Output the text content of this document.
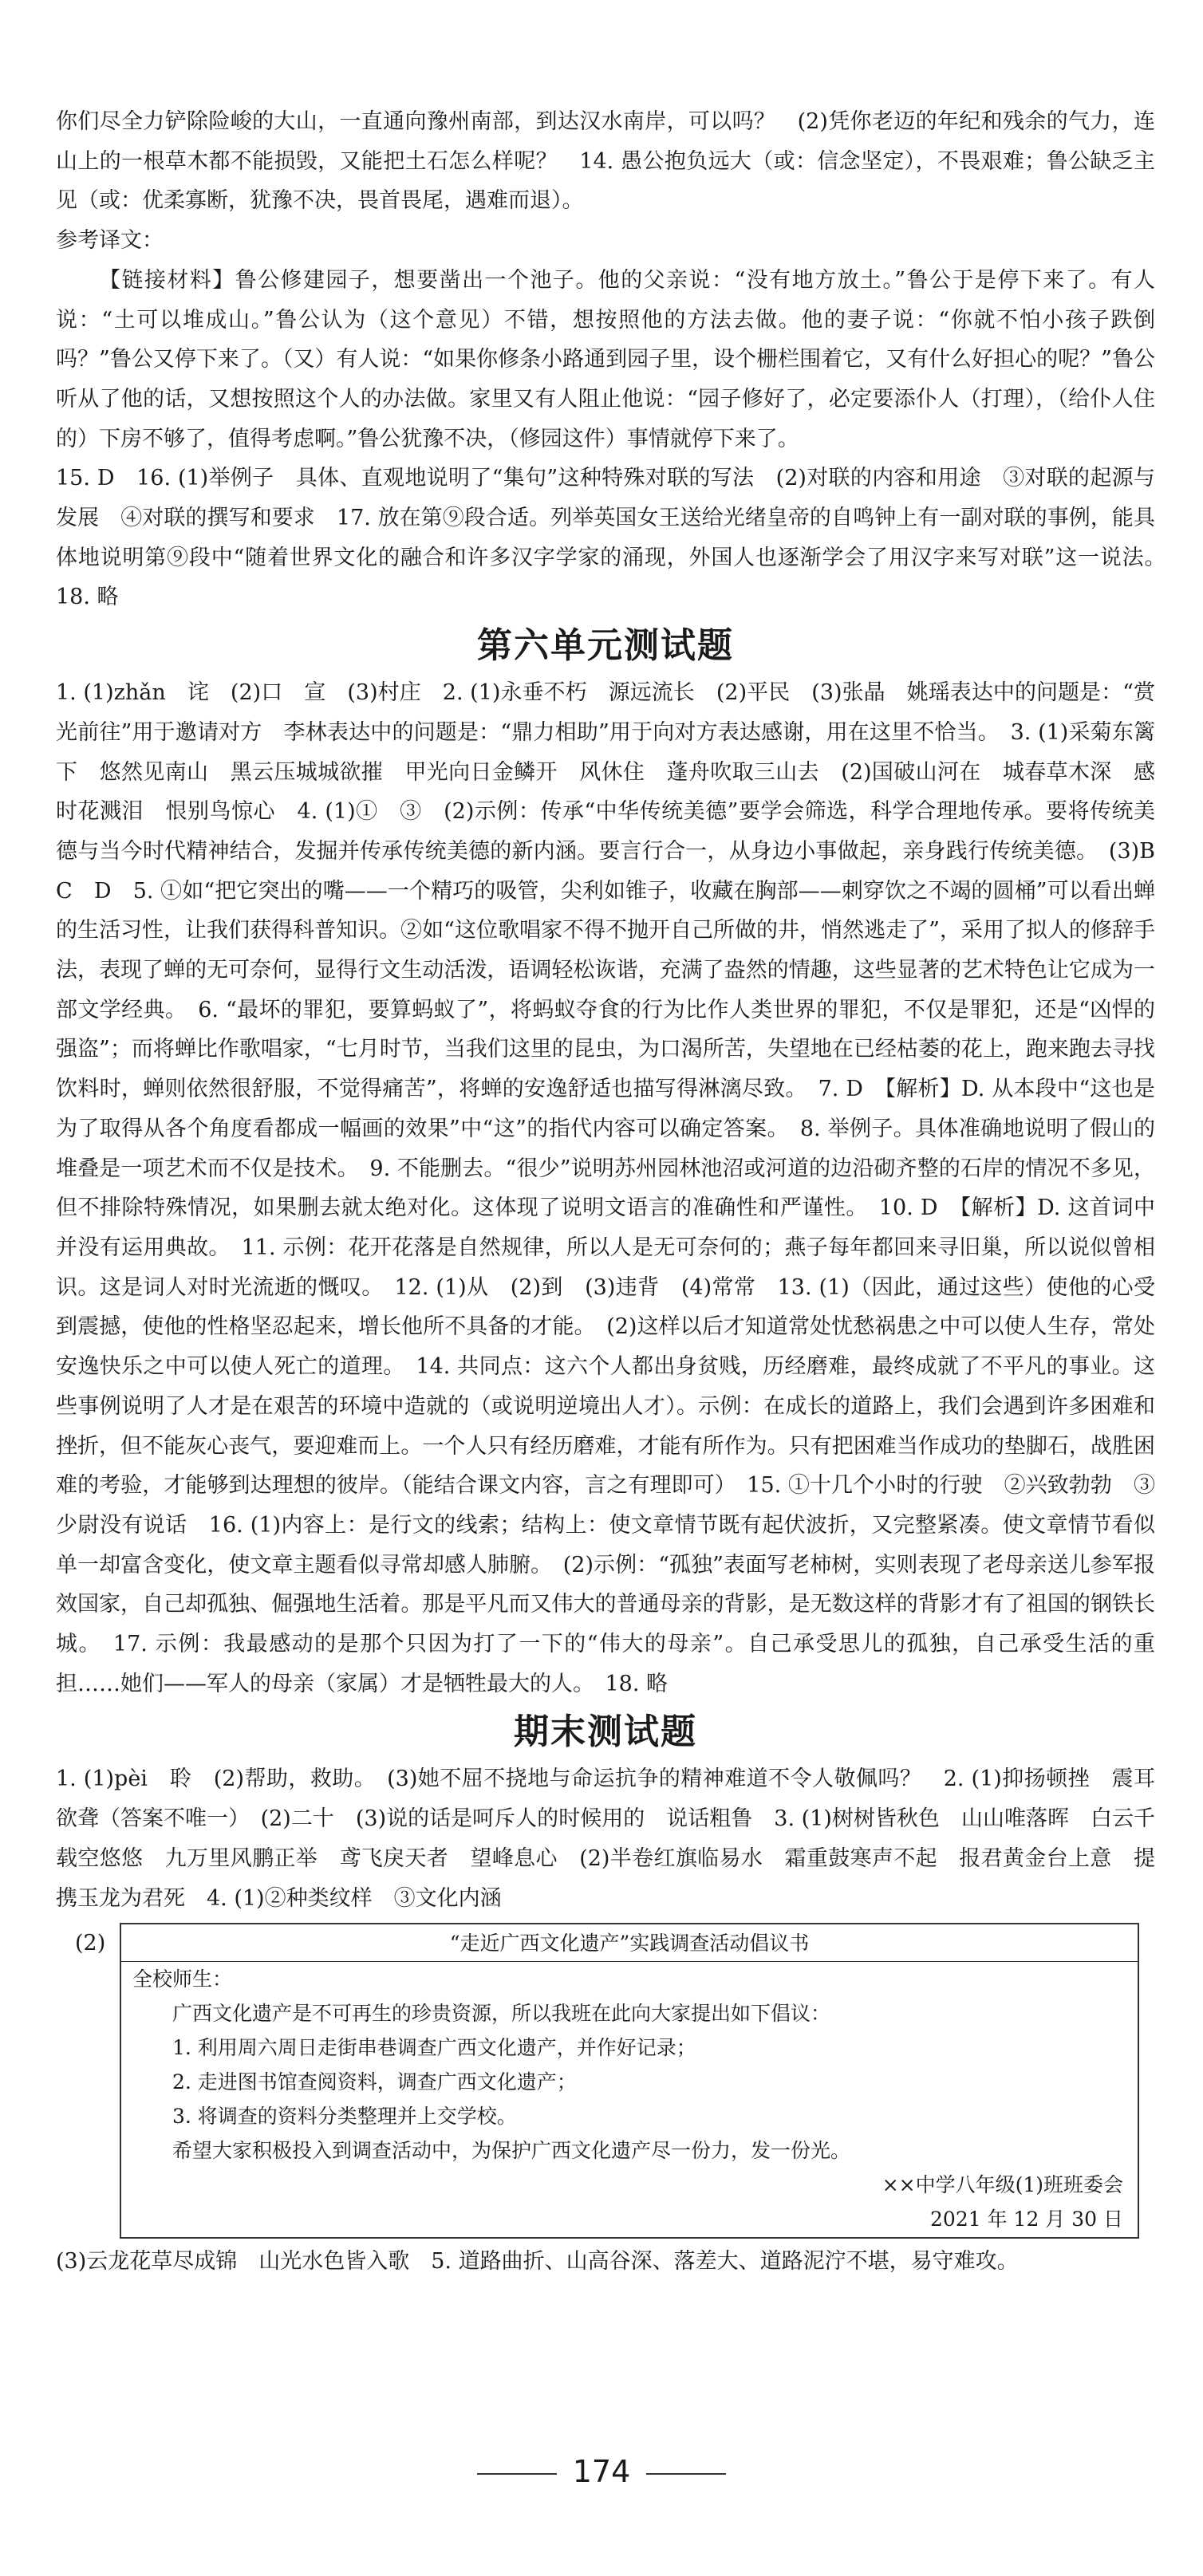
你们尽全力铲除险峻的大山，一直通向豫州南部，到达汉水南岸，可以吗？　(2)凭你老迈的年纪和残余的气力，连山上的一根草木都不能损毁，又能把土石怎么样呢？　14. 愚公抱负远大（或：信念坚定），不畏艰难；鲁公缺乏主见（或：优柔寡断，犹豫不决，畏首畏尾，遇难而退）。

参考译文：

【链接材料】鲁公修建园子，想要凿出一个池子。他的父亲说：“没有地方放土。”鲁公于是停下来了。有人说：“土可以堆成山。”鲁公认为（这个意见）不错，想按照他的方法去做。他的妻子说：“你就不怕小孩子跌倒吗？”鲁公又停下来了。（又）有人说：“如果你修条小路通到园子里，设个栅栏围着它，又有什么好担心的呢？”鲁公听从了他的话，又想按照这个人的办法做。家里又有人阻止他说：“园子修好了，必定要添仆人（打理），（给仆人住的）下房不够了，值得考虑啊。”鲁公犹豫不决，（修园这件）事情就停下来了。

15. D　16. (1)举例子　具体、直观地说明了“集句”这种特殊对联的写法　(2)对联的内容和用途　③对联的起源与发展　④对联的撰写和要求　17. 放在第⑨段合适。列举英国女王送给光绪皇帝的自鸣钟上有一副对联的事例，能具体地说明第⑨段中“随着世界文化的融合和许多汉字学家的涌现，外国人也逐渐学会了用汉字来写对联”这一说法。　18. 略

第六单元测试题

1. (1)zhǎn　诧　(2)口　宣　(3)村庄　2. (1)永垂不朽　源远流长　(2)平民　(3)张晶　姚瑶表达中的问题是：“赏光前往”用于邀请对方　李林表达中的问题是：“鼎力相助”用于向对方表达感谢，用在这里不恰当。　3. (1)采菊东篱下　悠然见南山　黑云压城城欲摧　甲光向日金鳞开　风休住　蓬舟吹取三山去　(2)国破山河在　城春草木深　感时花溅泪　恨别鸟惊心　4. (1)①　③　(2)示例：传承“中华传统美德”要学会筛选，科学合理地传承。要将传统美德与当今时代精神结合，发掘并传承传统美德的新内涵。要言行合一，从身边小事做起，亲身践行传统美德。　(3)B　C　D　5. ①如“把它突出的嘴——一个精巧的吸管，尖利如锥子，收藏在胸部——刺穿饮之不竭的圆桶”可以看出蝉的生活习性，让我们获得科普知识。②如“这位歌唱家不得不抛开自己所做的井，悄然逃走了”，采用了拟人的修辞手法，表现了蝉的无可奈何，显得行文生动活泼，语调轻松诙谐，充满了盎然的情趣，这些显著的艺术特色让它成为一部文学经典。　6. “最坏的罪犯，要算蚂蚁了”，将蚂蚁夺食的行为比作人类世界的罪犯，不仅是罪犯，还是“凶悍的强盗”；而将蝉比作歌唱家，“七月时节，当我们这里的昆虫，为口渴所苦，失望地在已经枯萎的花上，跑来跑去寻找饮料时，蝉则依然很舒服，不觉得痛苦”，将蝉的安逸舒适也描写得淋漓尽致。　7. D　【解析】D. 从本段中“这也是为了取得从各个角度看都成一幅画的效果”中“这”的指代内容可以确定答案。　8. 举例子。具体准确地说明了假山的堆叠是一项艺术而不仅是技术。　9. 不能删去。“很少”说明苏州园林池沼或河道的边沿砌齐整的石岸的情况不多见，但不排除特殊情况，如果删去就太绝对化。这体现了说明文语言的准确性和严谨性。　10. D　【解析】D. 这首词中并没有运用典故。　11. 示例：花开花落是自然规律，所以人是无可奈何的；燕子每年都回来寻旧巢，所以说似曾相识。这是词人对时光流逝的慨叹。　12. (1)从　(2)到　(3)违背　(4)常常　13. (1)（因此，通过这些）使他的心受到震撼，使他的性格坚忍起来，增长他所不具备的才能。　(2)这样以后才知道常处忧愁祸患之中可以使人生存，常处安逸快乐之中可以使人死亡的道理。　14. 共同点：这六个人都出身贫贱，历经磨难，最终成就了不平凡的事业。这些事例说明了人才是在艰苦的环境中造就的（或说明逆境出人才）。示例：在成长的道路上，我们会遇到许多困难和挫折，但不能灰心丧气，要迎难而上。一个人只有经历磨难，才能有所作为。只有把困难当作成功的垫脚石，战胜困难的考验，才能够到达理想的彼岸。（能结合课文内容，言之有理即可）　15. ①十几个小时的行驶　②兴致勃勃　③少尉没有说话　16. (1)内容上：是行文的线索；结构上：使文章情节既有起伏波折，又完整紧凑。使文章情节看似单一却富含变化，使文章主题看似寻常却感人肺腑。　(2)示例：“孤独”表面写老柿树，实则表现了老母亲送儿参军报效国家，自己却孤独、倔强地生活着。那是平凡而又伟大的普通母亲的背影，是无数这样的背影才有了祖国的钢铁长城。　17. 示例：我最感动的是那个只因为打了一下的“伟大的母亲”。自己承受思儿的孤独，自己承受生活的重担……她们——军人的母亲（家属）才是牺牲最大的人。　18. 略

期末测试题

1. (1)pèi　聆　(2)帮助，救助。　(3)她不屈不挠地与命运抗争的精神难道不令人敬佩吗？　2. (1)抑扬顿挫　震耳欲聋（答案不唯一）　(2)二十　(3)说的话是呵斥人的时候用的　说话粗鲁　3. (1)树树皆秋色　山山唯落晖　白云千载空悠悠　九万里风鹏正举　鸢飞戾天者　望峰息心　(2)半卷红旗临易水　霜重鼓寒声不起　报君黄金台上意　提携玉龙为君死　4. (1)②种类纹样　③文化内涵

(2)	“走近广西文化遗产”实践调查活动倡议书

全校师生：

广西文化遗产是不可再生的珍贵资源，所以我班在此向大家提出如下倡议：

1. 利用周六周日走街串巷调查广西文化遗产，并作好记录；

2. 走进图书馆查阅资料，调查广西文化遗产；

3. 将调查的资料分类整理并上交学校。

希望大家积极投入到调查活动中，为保护广西文化遗产尽一份力，发一份光。

××中学八年级(1)班班委会

2021 年 12 月 30 日

(3)云龙花草尽成锦　山光水色皆入歌　5. 道路曲折、山高谷深、落差大、道路泥泞不堪，易守难攻。

174
